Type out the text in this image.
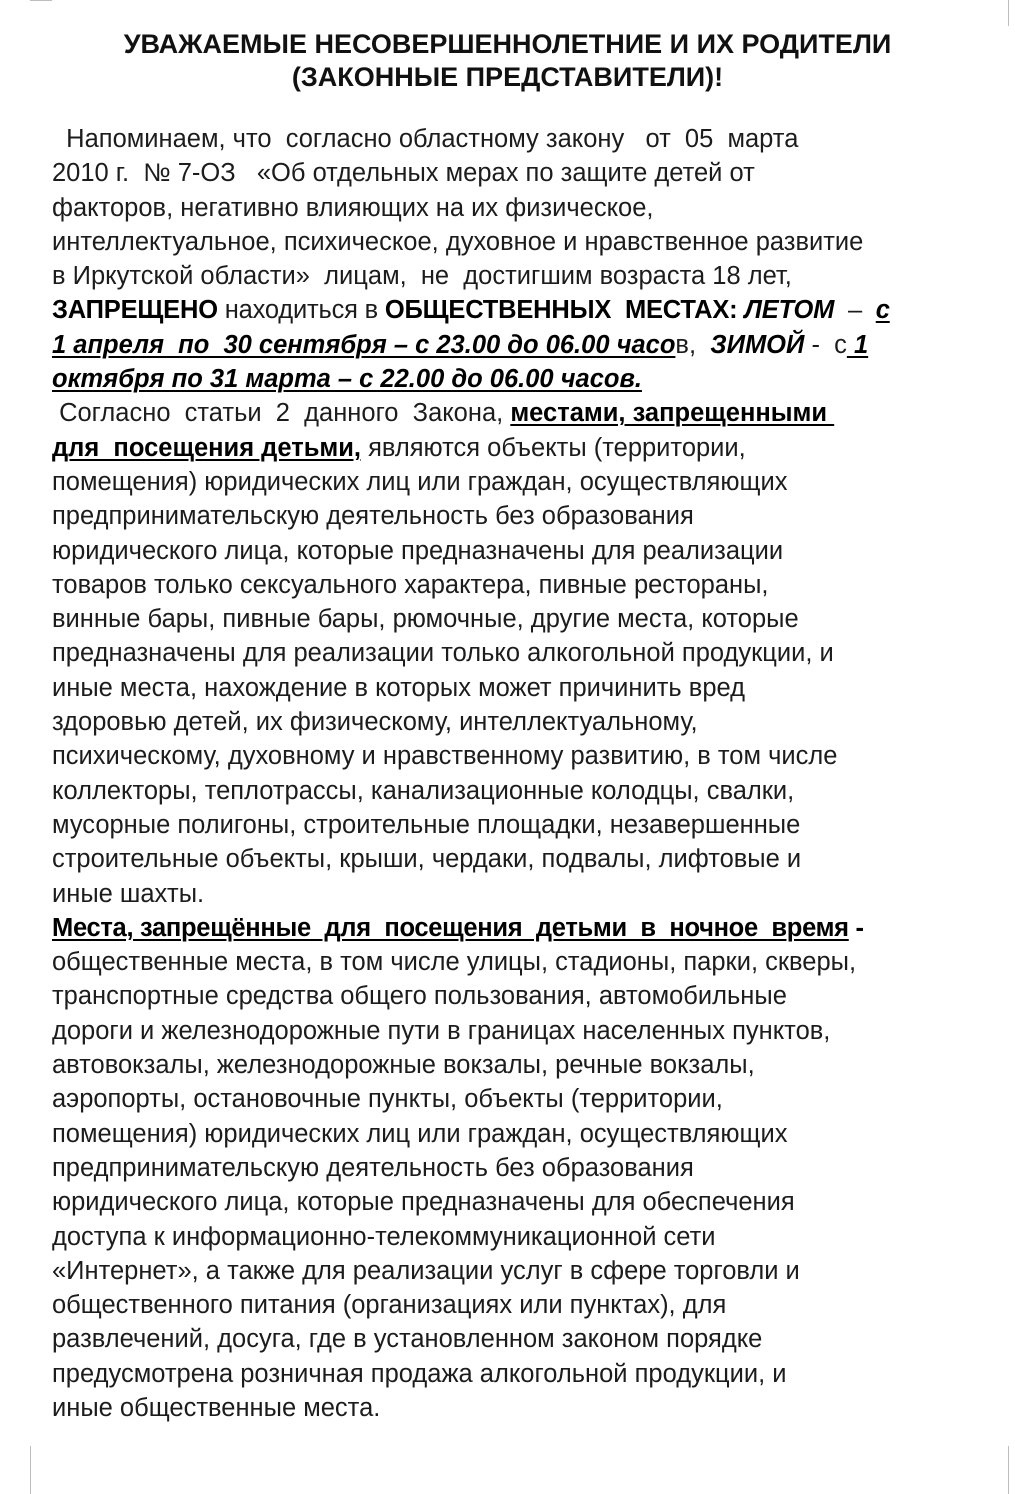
УВАЖАЕМЫЕ НЕСОВЕРШЕННОЛЕТНИЕ И ИХ РОДИТЕЛИ
(ЗАКОННЫЕ ПРЕДСТАВИТЕЛИ)!
Напоминаем, что  согласно областному закону   от  05  марта
2010 г.  № 7-ОЗ   «Об отдельных мерах по защите детей от
факторов, негативно влияющих на их физическое,
интеллектуальное, психическое, духовное и нравственное развитие
в Иркутской области»  лицам,  не  достигшим возраста 18 лет,
ЗАПРЕЩЕНО находиться в ОБЩЕСТВЕННЫХ  МЕСТАХ: ЛЕТОМ  –  с
1 апреля  по  30 сентября – с 23.00 до 06.00 часов,  ЗИМОЙ -  с 1
октября по 31 марта – с 22.00 до 06.00 часов.
Согласно  статьи  2  данного  Закона, местами, запрещенными
для  посещения детьми, являются объекты (территории,
помещения) юридических лиц или граждан, осуществляющих
предпринимательскую деятельность без образования
юридического лица, которые предназначены для реализации
товаров только сексуального характера, пивные рестораны,
винные бары, пивные бары, рюмочные, другие места, которые
предназначены для реализации только алкогольной продукции, и
иные места, нахождение в которых может причинить вред
здоровью детей, их физическому, интеллектуальному,
психическому, духовному и нравственному развитию, в том числе
коллекторы, теплотрассы, канализационные колодцы, свалки,
мусорные полигоны, строительные площадки, незавершенные
строительные объекты, крыши, чердаки, подвалы, лифтовые и
иные шахты.
Места, запрещённые  для  посещения  детьми  в  ночное  время -
общественные места, в том числе улицы, стадионы, парки, скверы,
транспортные средства общего пользования, автомобильные
дороги и железнодорожные пути в границах населенных пунктов,
автовокзалы, железнодорожные вокзалы, речные вокзалы,
аэропорты, остановочные пункты, объекты (территории,
помещения) юридических лиц или граждан, осуществляющих
предпринимательскую деятельность без образования
юридического лица, которые предназначены для обеспечения
доступа к информационно-телекоммуникационной сети
«Интернет», а также для реализации услуг в сфере торговли и
общественного питания (организациях или пунктах), для
развлечений, досуга, где в установленном законом порядке
предусмотрена розничная продажа алкогольной продукции, и
иные общественные места.
